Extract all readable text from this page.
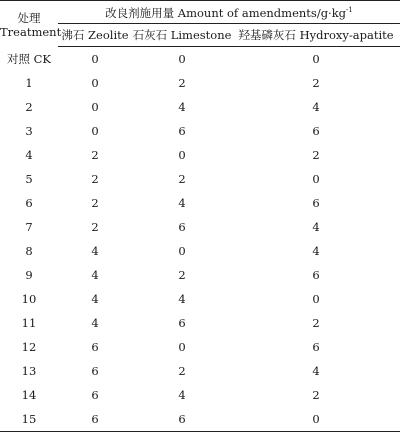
处理
Treatment	改良剂施用量 Amount of amendments/$g\cdot kg^{-1}$
	沸石 Zeolite	石灰石 Limestone	羟基磷灰石 Hydroxy-apatite
对照 CK	0	0	0
1	0	2	2
2	0	4	4
3	0	6	6
4	2	0	2
5	2	2	0
6	2	4	6
7	2	6	4
8	4	0	4
9	4	2	6
10	4	4	0
11	4	6	2
12	6	0	6
13	6	2	4
14	6	4	2
15	6	6	0
